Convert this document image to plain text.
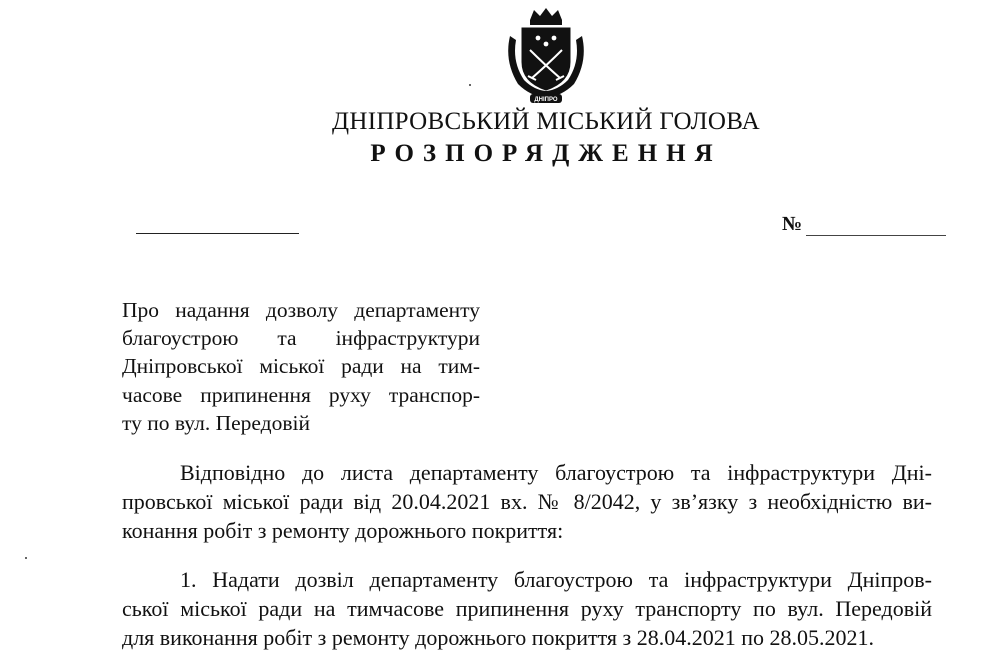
ДНІПРО
ДНІПРОВСЬКИЙ МІСЬКИЙ ГОЛОВА
РОЗПОРЯДЖЕННЯ
№
Про надання дозволу департаменту
благоустрою та інфраструктури
Дніпровської міської ради на тим-
часове припинення руху транспор-
ту по вул. Передовій
Відповідно до листа департаменту благоустрою та інфраструктури Дні-
провської міської ради від 20.04.2021 вх. № 8/2042, у зв’язку з необхідністю ви-
конання робіт з ремонту дорожнього покриття:
1. Надати дозвіл департаменту благоустрою та інфраструктури Дніпров-
ської міської ради на тимчасове припинення руху транспорту по вул. Передовій
для виконання робіт з ремонту дорожнього покриття з 28.04.2021 по 28.05.2021.
